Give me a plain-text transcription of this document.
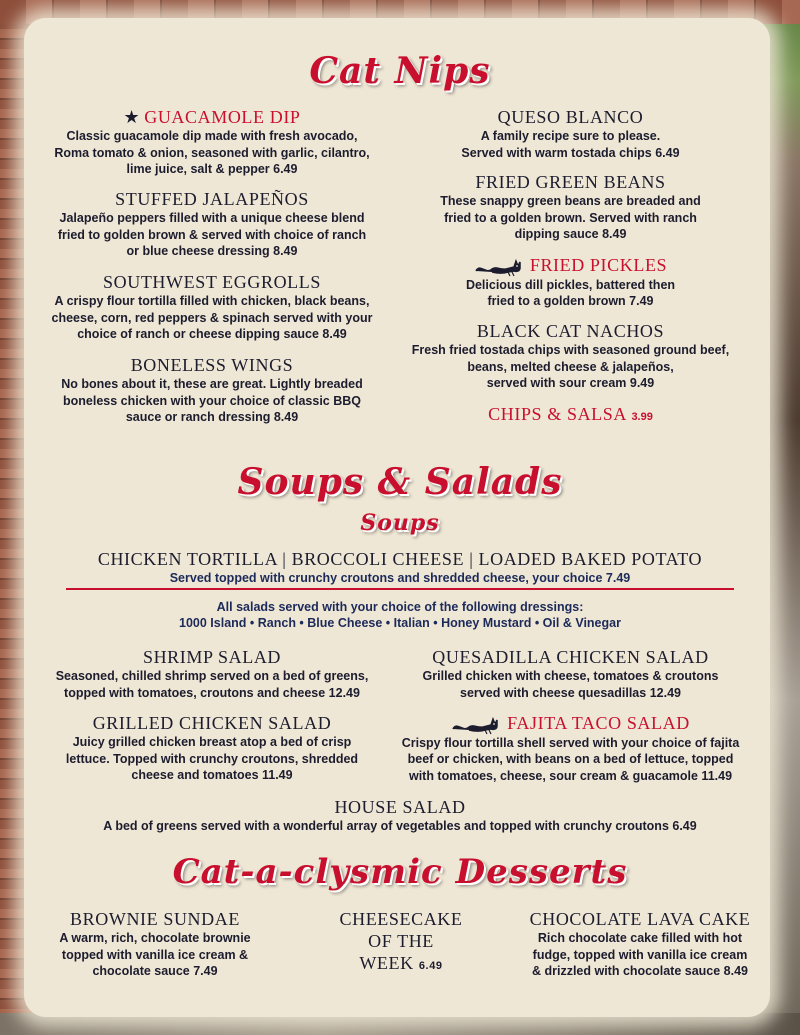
Cat Nips
★ GUACAMOLE DIP
Classic guacamole dip made with fresh avocado,
Roma tomato & onion, seasoned with garlic, cilantro,
lime juice, salt & pepper 6.49
STUFFED JALAPEÑOS
Jalapeño peppers filled with a unique cheese blend
fried to golden brown & served with choice of ranch
or blue cheese dressing 8.49
SOUTHWEST EGGROLLS
A crispy flour tortilla filled with chicken, black beans,
cheese, corn, red peppers & spinach served with your
choice of ranch or cheese dipping sauce 8.49
BONELESS WINGS
No bones about it, these are great. Lightly breaded
boneless chicken with your choice of classic BBQ
sauce or ranch dressing 8.49
QUESO BLANCO
A family recipe sure to please.
Served with warm tostada chips 6.49
FRIED GREEN BEANS
These snappy green beans are breaded and
fried to a golden brown. Served with ranch
dipping sauce 8.49
FRIED PICKLES
Delicious dill pickles, battered then
fried to a golden brown 7.49
BLACK CAT NACHOS
Fresh fried tostada chips with seasoned ground beef,
beans, melted cheese & jalapeños,
served with sour cream 9.49
CHIPS & SALSA 3.99
Soups & Salads
Soups
CHICKEN TORTILLA | BROCCOLI CHEESE | LOADED BAKED POTATO
Served topped with crunchy croutons and shredded cheese, your choice 7.49
All salads served with your choice of the following dressings:
1000 Island • Ranch • Blue Cheese • Italian • Honey Mustard • Oil & Vinegar
SHRIMP SALAD
Seasoned, chilled shrimp served on a bed of greens,
topped with tomatoes, croutons and cheese 12.49
GRILLED CHICKEN SALAD
Juicy grilled chicken breast atop a bed of crisp
lettuce. Topped with crunchy croutons, shredded
cheese and tomatoes 11.49
QUESADILLA CHICKEN SALAD
Grilled chicken with cheese, tomatoes & croutons
served with cheese quesadillas 12.49
FAJITA TACO SALAD
Crispy flour tortilla shell served with your choice of fajita
beef or chicken, with beans on a bed of lettuce, topped
with tomatoes, cheese, sour cream & guacamole 11.49
HOUSE SALAD
A bed of greens served with a wonderful array of vegetables and topped with crunchy croutons 6.49
Cat-a-clysmic Desserts
BROWNIE SUNDAE
A warm, rich, chocolate brownie
topped with vanilla ice cream &
chocolate sauce 7.49
CHEESECAKE
OF THE
WEEK 6.49
CHOCOLATE LAVA CAKE
Rich chocolate cake filled with hot
fudge, topped with vanilla ice cream
& drizzled with chocolate sauce 8.49
